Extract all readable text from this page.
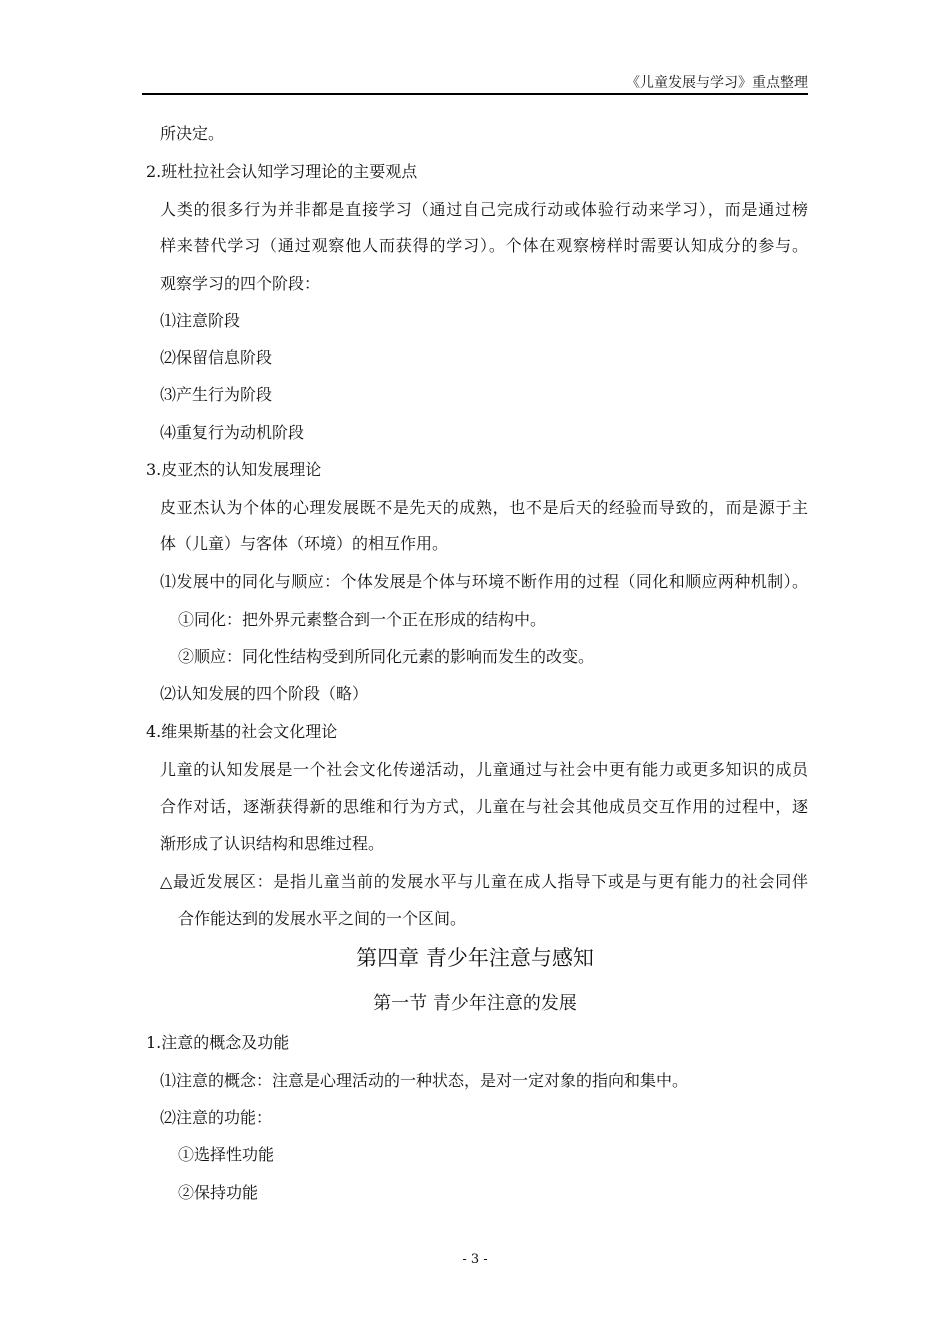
《儿童发展与学习》重点整理
所决定。
2.班杜拉社会认知学习理论的主要观点
人类的很多行为并非都是直接学习（通过自己完成行动或体验行动来学习），而是通过榜
样来替代学习（通过观察他人而获得的学习）。个体在观察榜样时需要认知成分的参与。
观察学习的四个阶段：
⑴注意阶段
⑵保留信息阶段
⑶产生行为阶段
⑷重复行为动机阶段
3.皮亚杰的认知发展理论
皮亚杰认为个体的心理发展既不是先天的成熟，也不是后天的经验而导致的，而是源于主
体（儿童）与客体（环境）的相互作用。
⑴发展中的同化与顺应：个体发展是个体与环境不断作用的过程（同化和顺应两种机制）。
①同化：把外界元素整合到一个正在形成的结构中。
②顺应：同化性结构受到所同化元素的影响而发生的改变。
⑵认知发展的四个阶段（略）
4.维果斯基的社会文化理论
儿童的认知发展是一个社会文化传递活动，儿童通过与社会中更有能力或更多知识的成员
合作对话，逐渐获得新的思维和行为方式，儿童在与社会其他成员交互作用的过程中，逐
渐形成了认识结构和思维过程。
△最近发展区：是指儿童当前的发展水平与儿童在成人指导下或是与更有能力的社会同伴
合作能达到的发展水平之间的一个区间。
第四章 青少年注意与感知
第一节 青少年注意的发展
1.注意的概念及功能
⑴注意的概念：注意是心理活动的一种状态，是对一定对象的指向和集中。
⑵注意的功能：
①选择性功能
②保持功能
- 3 -
